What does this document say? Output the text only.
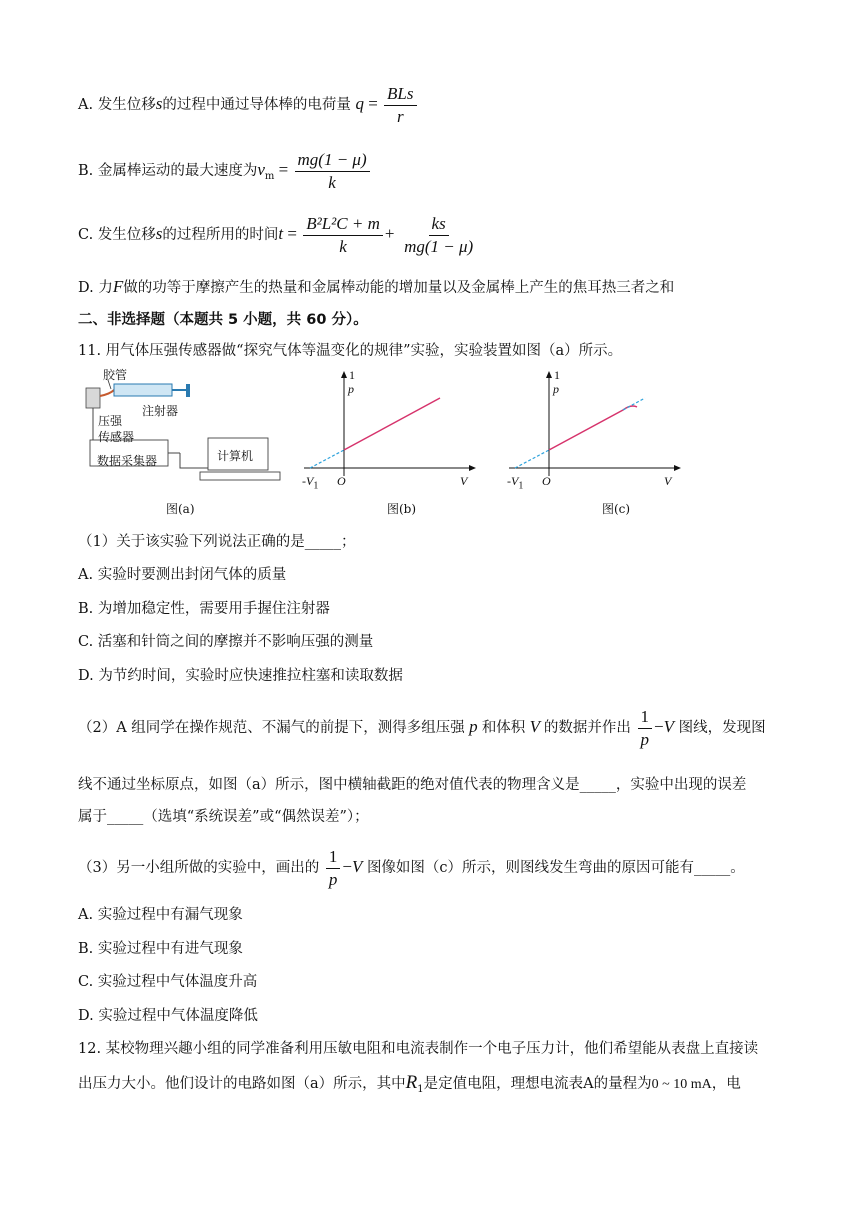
A. 发生位移s的过程中通过导体棒的电荷量 $q = \frac{\text{BLs}}{r}$
B. 金属棒运动的最大速度为$v_m = \frac{mg(1 - \mu)}{k}$
C. 发生位移s的过程所用的时间$t = \frac{\text{B²L²C + m}}{k} + \frac{ks}{mg(1 - \mu)}$
D. 力F做的功等于摩擦产生的热量和金属棒动能的增加量以及金属棒上产生的焦耳热三者之和
二、非选择题（本题共 5 小题，共 60 分）。
11. 用气体压强传感器做“探究气体等温变化的规律”实验，实验装置如图（a）所示。
胶管
注射器
压强
传感器
数据采集器	计算机
图(a)
1
p
O	V
$-V_1$
图(b)
1
p
O	V
$-V_1$
图(c)
（1）关于该实验下列说法正确的是_____；
A. 实验时要测出封闭气体的质量
B. 为增加稳定性，需要用手握住注射器
C. 活塞和针筒之间的摩擦并不影响压强的测量
D. 为节约时间，实验时应快速推拉柱塞和读取数据
（2）A 组同学在操作规范、不漏气的前提下，测得多组压强 p 和体积 V 的数据并作出 $\frac{1}{p} -V$ 图线，发现图
线不通过坐标原点，如图（a）所示，图中横轴截距的绝对值代表的物理含义是_____，实验中出现的误差
属于_____（选填“系统误差”或“偶然误差”）；
（3）另一小组所做的实验中，画出的 $\frac{1}{p} -V$ 图像如图（c）所示，则图线发生弯曲的原因可能有_____。
A. 实验过程中有漏气现象
B. 实验过程中有进气现象
C. 实验过程中气体温度升高
D. 实验过程中气体温度降低
12. 某校物理兴趣小组的同学准备利用压敏电阻和电流表制作一个电子压力计，他们希望能从表盘上直接读
出压力大小。他们设计的电路如图（a）所示，其中$R_1$是定值电阻，理想电流表A的量程为0 ~ 10 mA，电
